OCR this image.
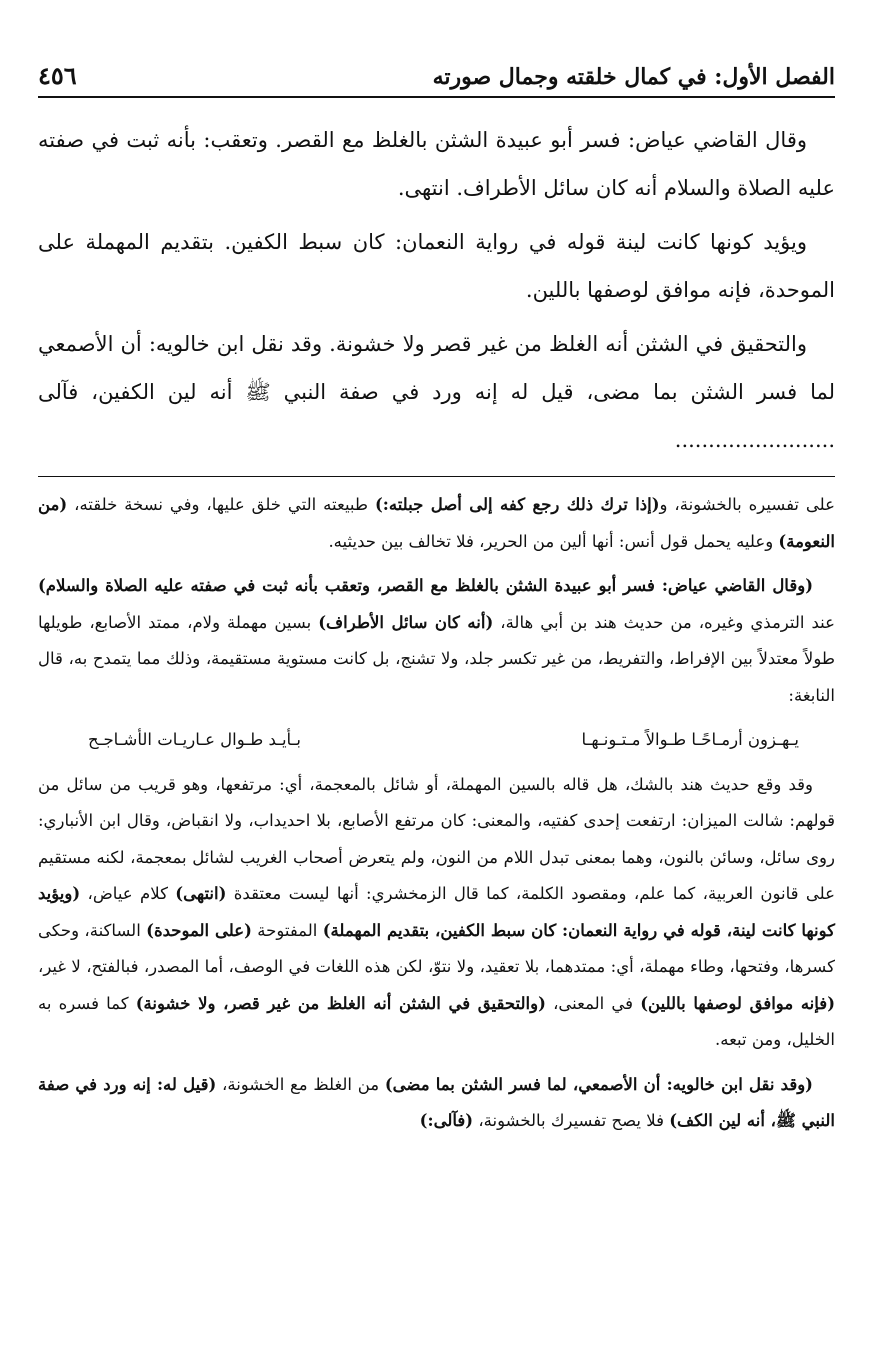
٤٥٦	الفصل الأول: في كمال خلقته وجمال صورته

وقال القاضي عياض: فسر أبو عبيدة الشثن بالغلظ مع القصر. وتعقب: بأنه ثبت في صفته عليه الصلاة والسلام أنه كان سائل الأطراف. انتهى.

ويؤيد كونها كانت لينة قوله في رواية النعمان: كان سبط الكفين. بتقديم المهملة على الموحدة، فإنه موافق لوصفها باللين.

والتحقيق في الشثن أنه الغلظ من غير قصر ولا خشونة. وقد نقل ابن خالويه: أن الأصمعي لما فسر الشثن بما مضى، قيل له إنه ورد في صفة النبي ﷺ أنه لين الكفين، فآلى ........................

على تفسيره بالخشونة، و(إذا ترك ذلك رجع كفه إلى أصل جبلته:) طبيعته التي خلق عليها، وفي نسخة خلقته، (من النعومة) وعليه يحمل قول أنس: أنها ألين من الحرير، فلا تخالف بين حديثيه.

(وقال القاضي عياض: فسر أبو عبيدة الشثن بالغلظ مع القصر، وتعقب بأنه ثبت في صفته عليه الصلاة والسلام) عند الترمذي وغيره، من حديث هند بن أبي هالة، (أنه كان سائل الأطراف) بسين مهملة ولام، ممتد الأصابع، طويلها طولاً معتدلاً بين الإفراط، والتفريط، من غير تكسر جلد، ولا تشنج، بل كانت مستوية مستقيمة، وذلك مما يتمدح به، قال النابغة:

يـهـزون أرمـاحًـا طـوالاً مـتـونـهـا
بـأيـد طـوال عـاريـات الأشـاجـح

وقد وقع حديث هند بالشك، هل قاله بالسين المهملة، أو شائل بالمعجمة، أي: مرتفعها، وهو قريب من سائل من قولهم: شالت الميزان: ارتفعت إحدى كفتيه، والمعنى: كان مرتفع الأصابع، بلا احديداب، ولا انقباض، وقال ابن الأنباري: روى سائل، وسائن بالنون، وهما بمعنى تبدل اللام من النون، ولم يتعرض أصحاب الغريب لشائل بمعجمة، لكنه مستقيم على قانون العربية، كما علم، ومقصود الكلمة، كما قال الزمخشري: أنها ليست معتقدة (انتهى) كلام عياض، (ويؤيد كونها كانت لينة، قوله في رواية النعمان: كان سبط الكفين، بتقديم المهملة) المفتوحة (على الموحدة) الساكنة، وحكى كسرها، وفتحها، وطاء مهملة، أي: ممتدهما، بلا تعقيد، ولا نتوّ، لكن هذه اللغات في الوصف، أما المصدر، فبالفتح، لا غير، (فإنه موافق لوصفها باللين) في المعنى، (والتحقيق في الشثن أنه الغلظ من غير قصر، ولا خشونة) كما فسره به الخليل، ومن تبعه.

(وقد نقل ابن خالويه: أن الأصمعي، لما فسر الشثن بما مضى) من الغلظ مع الخشونة، (قيل له: إنه ورد في صفة النبي ﷺ، أنه لين الكف) فلا يصح تفسيرك بالخشونة، (فآلى:)
